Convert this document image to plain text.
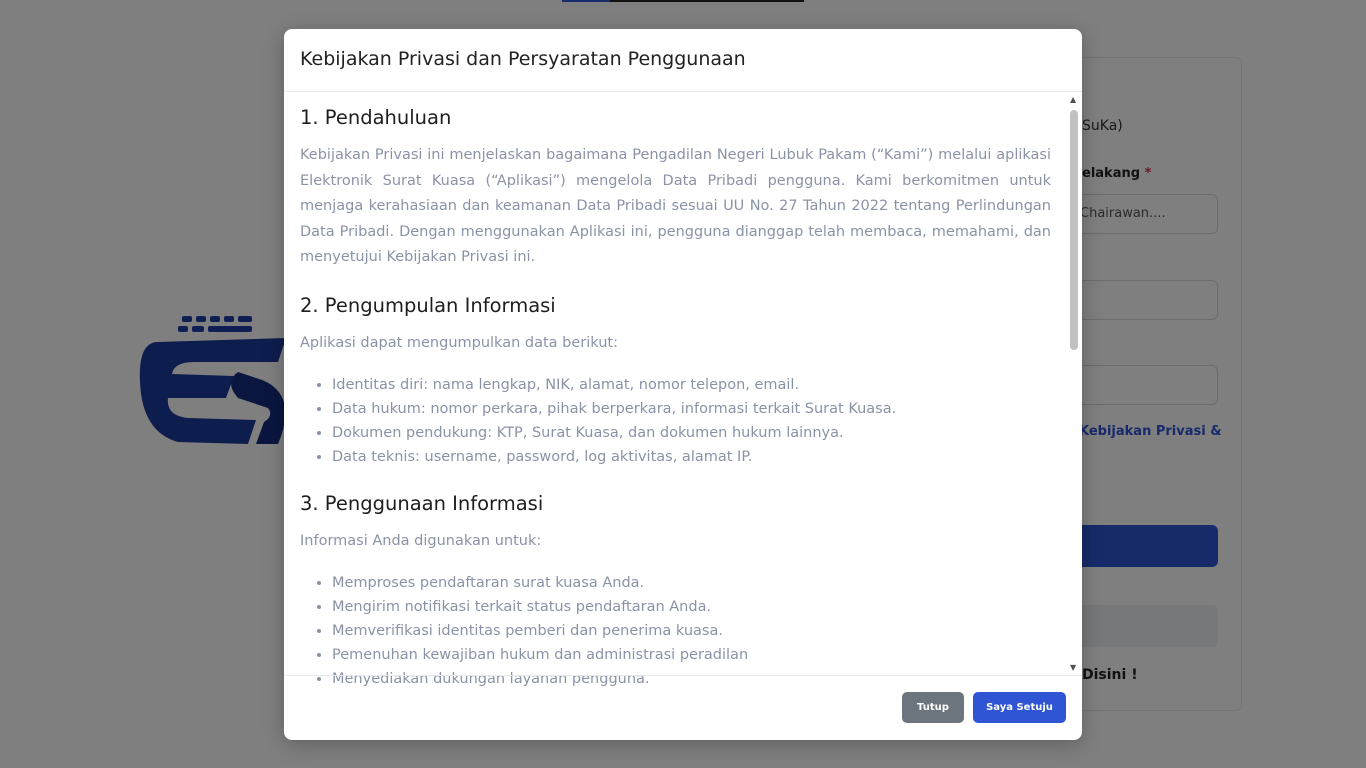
Kebijakan Privasi dan Persyaratan Penggunaan
1. Pendahuluan

Kebijakan Privasi ini menjelaskan bagaimana Pengadilan Negeri Lubuk Pakam (“Kami”) melalui aplikasi Elektronik Surat Kuasa (“Aplikasi”) mengelola Data Pribadi pengguna. Kami berkomitmen untuk menjaga kerahasiaan dan keamanan Data Pribadi sesuai UU No. 27 Tahun 2022 tentang Perlindungan Data Pribadi. Dengan menggunakan Aplikasi ini, pengguna dianggap telah membaca, memahami, dan menyetujui Kebijakan Privasi ini.

2. Pengumpulan Informasi

Aplikasi dapat mengumpulkan data berikut:

• Identitas diri: nama lengkap, NIK, alamat, nomor telepon, email.
• Data hukum: nomor perkara, pihak berperkara, informasi terkait Surat Kuasa.
• Dokumen pendukung: KTP, Surat Kuasa, dan dokumen hukum lainnya.
• Data teknis: username, password, log aktivitas, alamat IP.
3. Penggunaan Informasi

Informasi Anda digunakan untuk:

• Memproses pendaftaran surat kuasa Anda.
• Mengirim notifikasi terkait status pendaftaran Anda.
• Memverifikasi identitas pemberi dan penerima kuasa.
• Pemenuhan kewajiban hukum dan administrasi peradilan
• Menyediakan dukungan layanan pengguna.
▲
▼
Tutup	Saya Setuju
